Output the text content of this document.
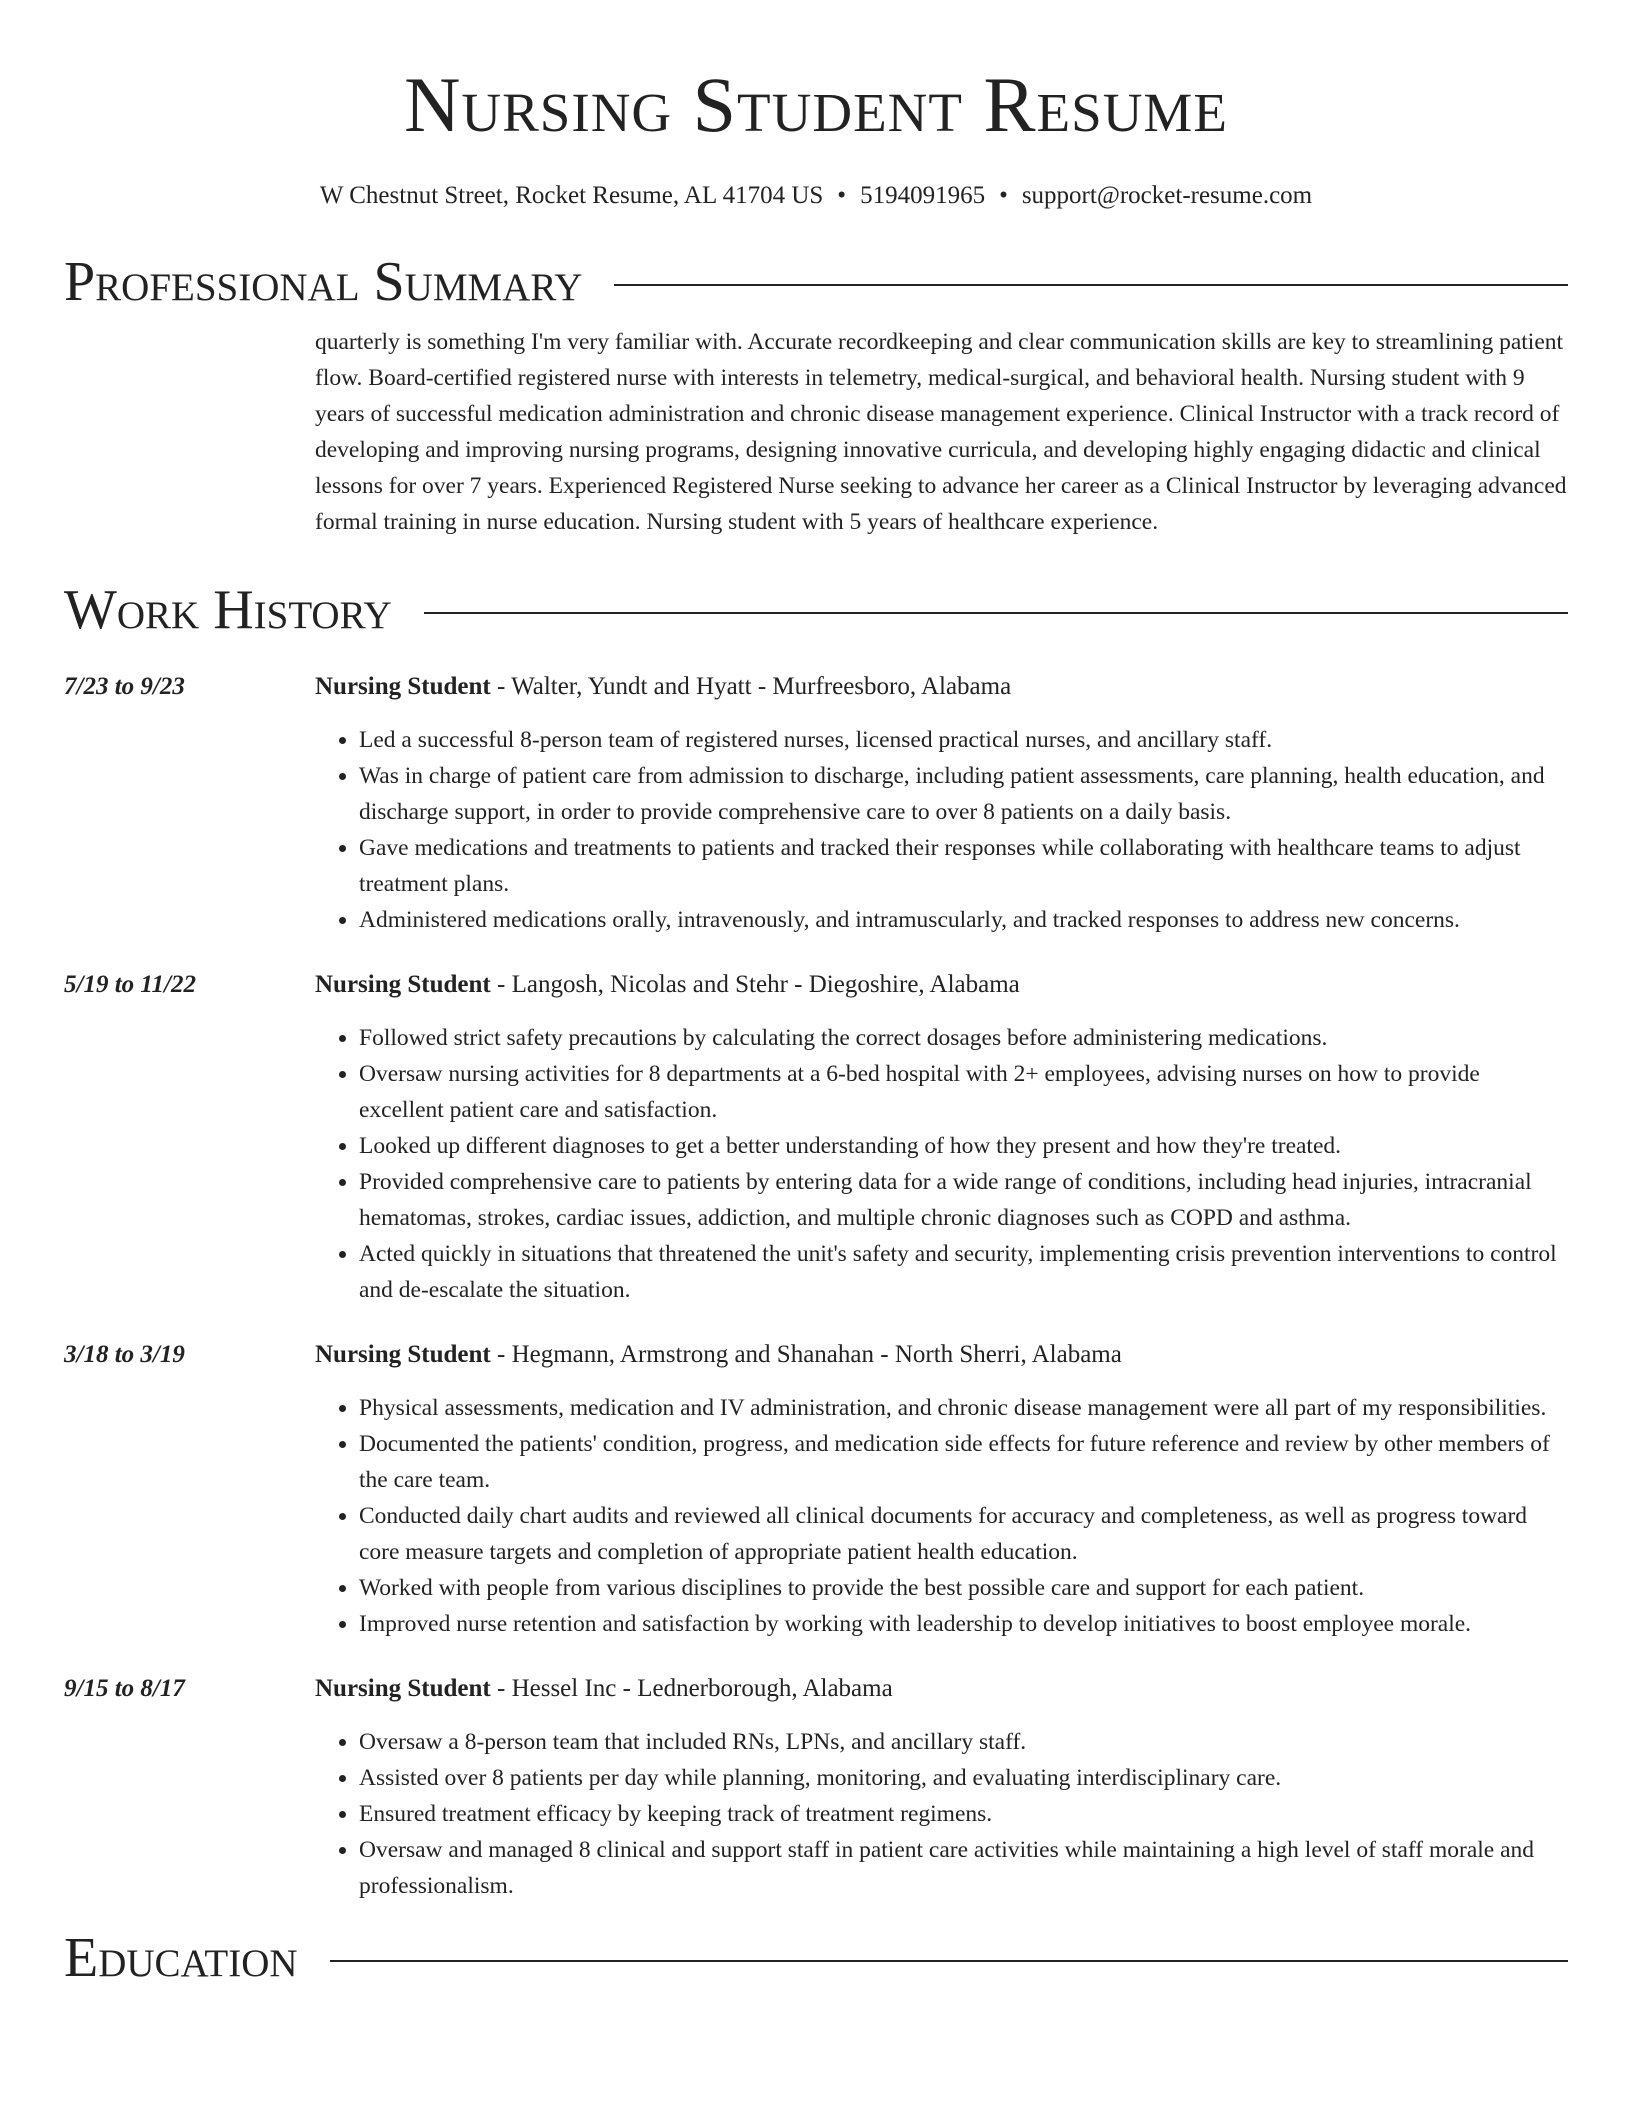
Nursing Student Resume
W Chestnut Street, Rocket Resume, AL 41704 US • 5194091965 • support@rocket-resume.com
Professional Summary
quarterly is something I'm very familiar with. Accurate recordkeeping and clear communication skills are key to streamlining patient flow. Board-certified registered nurse with interests in telemetry, medical-surgical, and behavioral health. Nursing student with 9 years of successful medication administration and chronic disease management experience. Clinical Instructor with a track record of developing and improving nursing programs, designing innovative curricula, and developing highly engaging didactic and clinical lessons for over 7 years. Experienced Registered Nurse seeking to advance her career as a Clinical Instructor by leveraging advanced formal training in nurse education. Nursing student with 5 years of healthcare experience.
Work History
7/23 to 9/23	Nursing Student - Walter, Yundt and Hyatt - Murfreesboro, Alabama
• Led a successful 8-person team of registered nurses, licensed practical nurses, and ancillary staff.
• Was in charge of patient care from admission to discharge, including patient assessments, care planning, health education, and discharge support, in order to provide comprehensive care to over 8 patients on a daily basis.
• Gave medications and treatments to patients and tracked their responses while collaborating with healthcare teams to adjust treatment plans.
• Administered medications orally, intravenously, and intramuscularly, and tracked responses to address new concerns.
5/19 to 11/22	Nursing Student - Langosh, Nicolas and Stehr - Diegoshire, Alabama
• Followed strict safety precautions by calculating the correct dosages before administering medications.
• Oversaw nursing activities for 8 departments at a 6-bed hospital with 2+ employees, advising nurses on how to provide excellent patient care and satisfaction.
• Looked up different diagnoses to get a better understanding of how they present and how they're treated.
• Provided comprehensive care to patients by entering data for a wide range of conditions, including head injuries, intracranial hematomas, strokes, cardiac issues, addiction, and multiple chronic diagnoses such as COPD and asthma.
• Acted quickly in situations that threatened the unit's safety and security, implementing crisis prevention interventions to control and de-escalate the situation.
3/18 to 3/19	Nursing Student - Hegmann, Armstrong and Shanahan - North Sherri, Alabama
• Physical assessments, medication and IV administration, and chronic disease management were all part of my responsibilities.
• Documented the patients' condition, progress, and medication side effects for future reference and review by other members of the care team.
• Conducted daily chart audits and reviewed all clinical documents for accuracy and completeness, as well as progress toward core measure targets and completion of appropriate patient health education.
• Worked with people from various disciplines to provide the best possible care and support for each patient.
• Improved nurse retention and satisfaction by working with leadership to develop initiatives to boost employee morale.
9/15 to 8/17	Nursing Student - Hessel Inc - Lednerborough, Alabama
• Oversaw a 8-person team that included RNs, LPNs, and ancillary staff.
• Assisted over 8 patients per day while planning, monitoring, and evaluating interdisciplinary care.
• Ensured treatment efficacy by keeping track of treatment regimens.
• Oversaw and managed 8 clinical and support staff in patient care activities while maintaining a high level of staff morale and professionalism.
Education
